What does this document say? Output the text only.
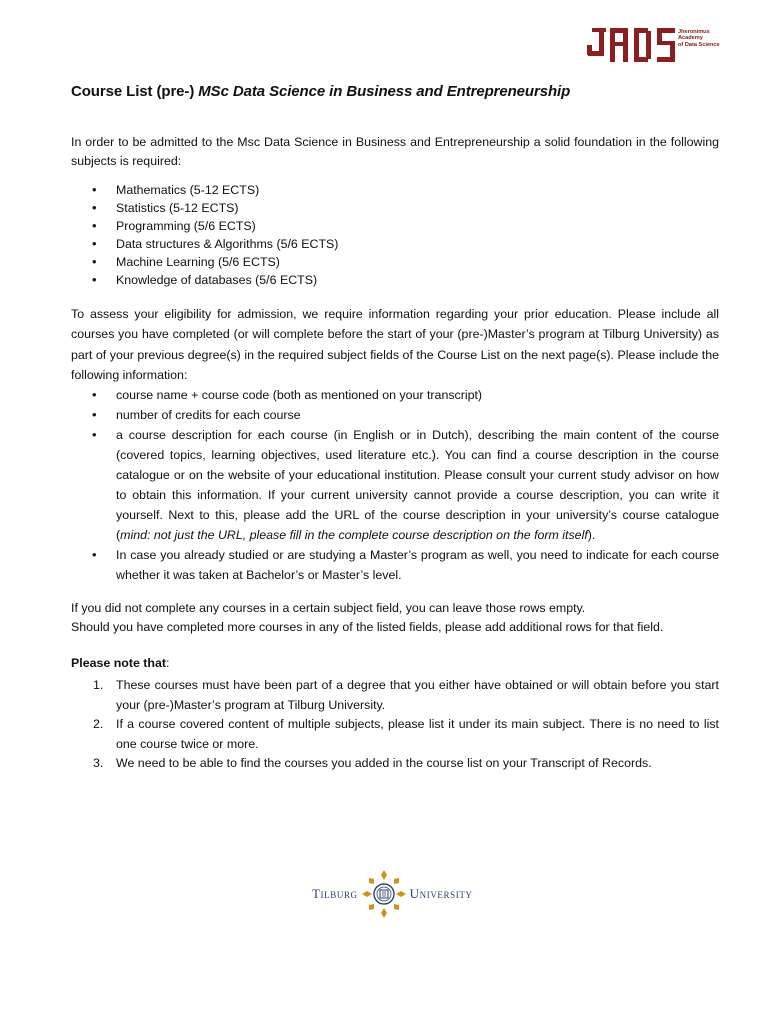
Jheronimus
Academy
of Data Science
Course List (pre-) MSc Data Science in Business and Entrepreneurship
In order to be admitted to the Msc Data Science in Business and Entrepreneurship a solid foundation in the following subjects is required:
• Mathematics (5-12 ECTS)
• Statistics (5-12 ECTS)
• Programming (5/6 ECTS)
• Data structures & Algorithms (5/6 ECTS)
• Machine Learning (5/6 ECTS)
• Knowledge of databases (5/6 ECTS)
To assess your eligibility for admission, we require information regarding your prior education. Please include all courses you have completed (or will complete before the start of your (pre-)Master’s program at Tilburg University) as part of your previous degree(s) in the required subject fields of the Course List on the next page(s). Please include the following information:
• course name + course code (both as mentioned on your transcript)
• number of credits for each course
• a course description for each course (in English or in Dutch), describing the main content of the course (covered topics, learning objectives, used literature etc.). You can find a course description in the course catalogue or on the website of your educational institution. Please consult your current study advisor on how to obtain this information. If your current university cannot provide a course description, you can write it yourself. Next to this, please add the URL of the course description in your university’s course catalogue (mind: not just the URL, please fill in the complete course description on the form itself).
• In case you already studied or are studying a Master’s program as well, you need to indicate for each course whether it was taken at Bachelor’s or Master’s level.
If you did not complete any courses in a certain subject field, you can leave those rows empty.
Should you have completed more courses in any of the listed fields, please add additional rows for that field.
Please note that:
1. These courses must have been part of a degree that you either have obtained or will obtain before you start your (pre-)Master’s program at Tilburg University.
2. If a course covered content of multiple subjects, please list it under its main subject. There is no need to list one course twice or more.
3. We need to be able to find the courses you added in the course list on your Transcript of Records.
Tilburg	University
